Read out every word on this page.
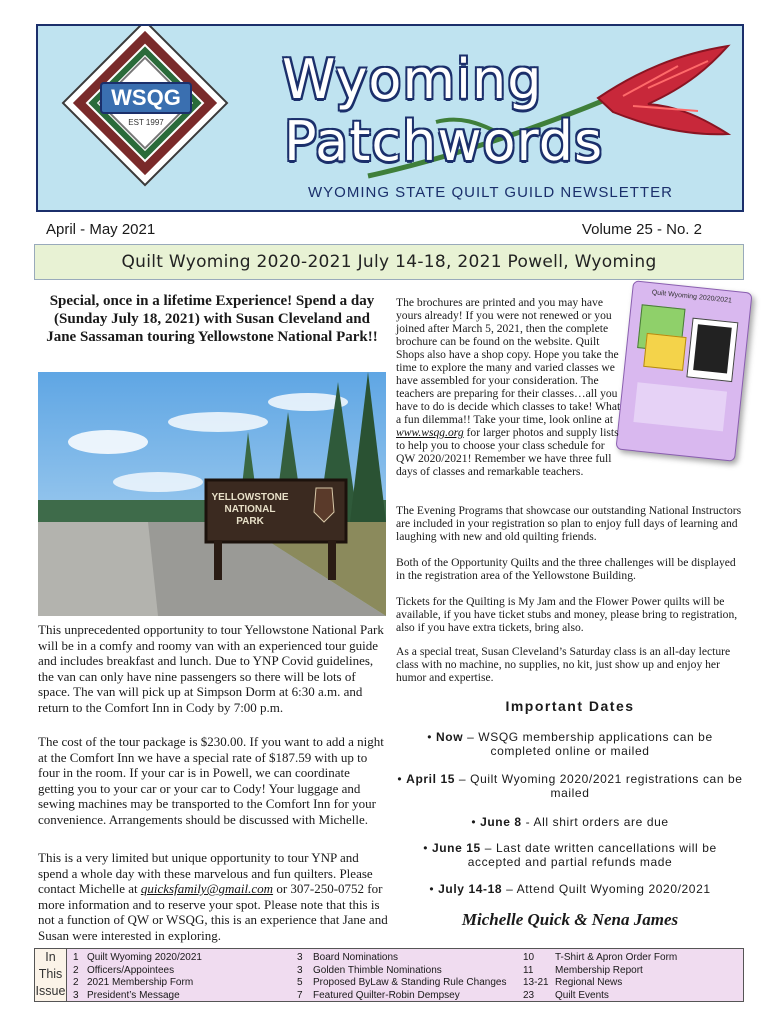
WSQG
EST 1997
Wyoming
Patchwords
WYOMING STATE QUILT GUILD NEWSLETTER
April - May 2021	Volume 25 - No. 2
Quilt Wyoming 2020-2021 July 14-18, 2021 Powell, Wyoming
Special, once in a lifetime Experience! Spend a day (Sunday July 18, 2021) with Susan Cleveland and Jane Sassaman touring Yellowstone National Park!!
YELLOWSTONE
NATIONAL
PARK
This unprecedented opportunity to tour Yellowstone National Park will be in a comfy and roomy van with an experienced tour guide and includes breakfast and lunch. Due to YNP Covid guidelines, the van can only have nine passengers so there will be lots of space. The van will pick up at Simpson Dorm at 6:30 a.m. and return to the Comfort Inn in Cody by 7:00 p.m.
The cost of the tour package is $230.00. If you want to add a night at the Comfort Inn we have a special rate of $187.59 with up to four in the room. If your car is in Powell, we can coordinate getting you to your car or your car to Cody! Your luggage and sewing machines may be transported to the Comfort Inn for your convenience. Arrangements should be discussed with Michelle.
This is a very limited but unique opportunity to tour YNP and spend a whole day with these marvelous and fun quilters. Please contact Michelle at quicksfamily@gmail.com or 307-250-0752 for more information and to reserve your spot. Please note that this is not a function of QW or WSQG, this is an experience that Jane and Susan were interested in exploring.
Quilt Wyoming 2020/2021
The brochures are printed and you may have yours already! If you were not renewed or you joined after March 5, 2021, then the complete brochure can be found on the website. Quilt Shops also have a shop copy. Hope you take the time to explore the many and varied classes we have assembled for your consideration. The teachers are preparing for their classes…all you have to do is decide which classes to take! What a fun dilemma!! Take your time, look online at www.wsqg.org for larger photos and supply lists to help you to choose your class schedule for QW 2020/2021! Remember we have three full days of classes and remarkable teachers.
The Evening Programs that showcase our outstanding National Instructors are included in your registration so plan to enjoy full days of learning and laughing with new and old quilting friends.
Both of the Opportunity Quilts and the three challenges will be displayed in the registration area of the Yellowstone Building.
Tickets for the Quilting is My Jam and the Flower Power quilts will be available, if you have ticket stubs and money, please bring to registration, also if you have extra tickets, bring also.
As a special treat, Susan Cleveland’s Saturday class is an all-day lecture class with no machine, no supplies, no kit, just show up and enjoy her humor and expertise.
Important Dates
• Now – WSQG membership applications can be completed online or mailed
• April 15 – Quilt Wyoming 2020/2021 registrations can be mailed
• June 8 - All shirt orders are due
• June 15 – Last date written cancellations will be accepted and partial refunds made
• July 14-18 – Attend Quilt Wyoming 2020/2021
Michelle Quick & Nena James
In
This
Issue
1 Quilt Wyoming 2020/2021
2 Officers/Appointees
2 2021 Membership Form
3 President’s Message
3 Board Nominations
3 Golden Thimble Nominations
5 Proposed ByLaw & Standing Rule Changes
7 Featured Quilter-Robin Dempsey
10 T-Shirt & Apron Order Form
11 Membership Report
13-21 Regional News
23 Quilt Events
